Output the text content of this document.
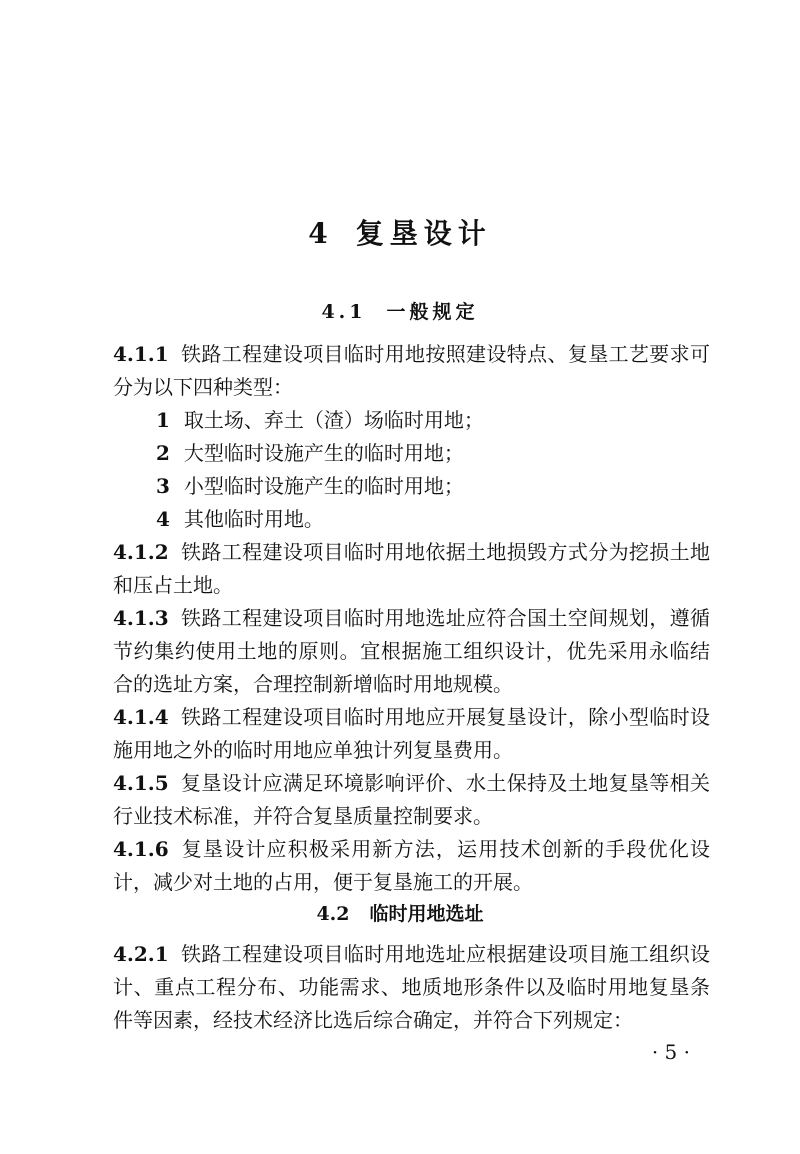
4 复垦设计
4.1 一般规定

4.1.1 铁路工程建设项目临时用地按照建设特点、复垦工艺要求可分为以下四种类型：

1 取土场、弃土（渣）场临时用地；

2 大型临时设施产生的临时用地；

3 小型临时设施产生的临时用地；

4 其他临时用地。

4.1.2 铁路工程建设项目临时用地依据土地损毁方式分为挖损土地和压占土地。

4.1.3 铁路工程建设项目临时用地选址应符合国土空间规划，遵循节约集约使用土地的原则。宜根据施工组织设计，优先采用永临结合的选址方案，合理控制新增临时用地规模。

4.1.4 铁路工程建设项目临时用地应开展复垦设计，除小型临时设施用地之外的临时用地应单独计列复垦费用。

4.1.5 复垦设计应满足环境影响评价、水土保持及土地复垦等相关行业技术标准，并符合复垦质量控制要求。

4.1.6 复垦设计应积极采用新方法，运用技术创新的手段优化设计，减少对土地的占用，便于复垦施工的开展。

4.2 临时用地选址

4.2.1 铁路工程建设项目临时用地选址应根据建设项目施工组织设计、重点工程分布、功能需求、地质地形条件以及临时用地复垦条件等因素，经技术经济比选后综合确定，并符合下列规定：

· 5 ·
